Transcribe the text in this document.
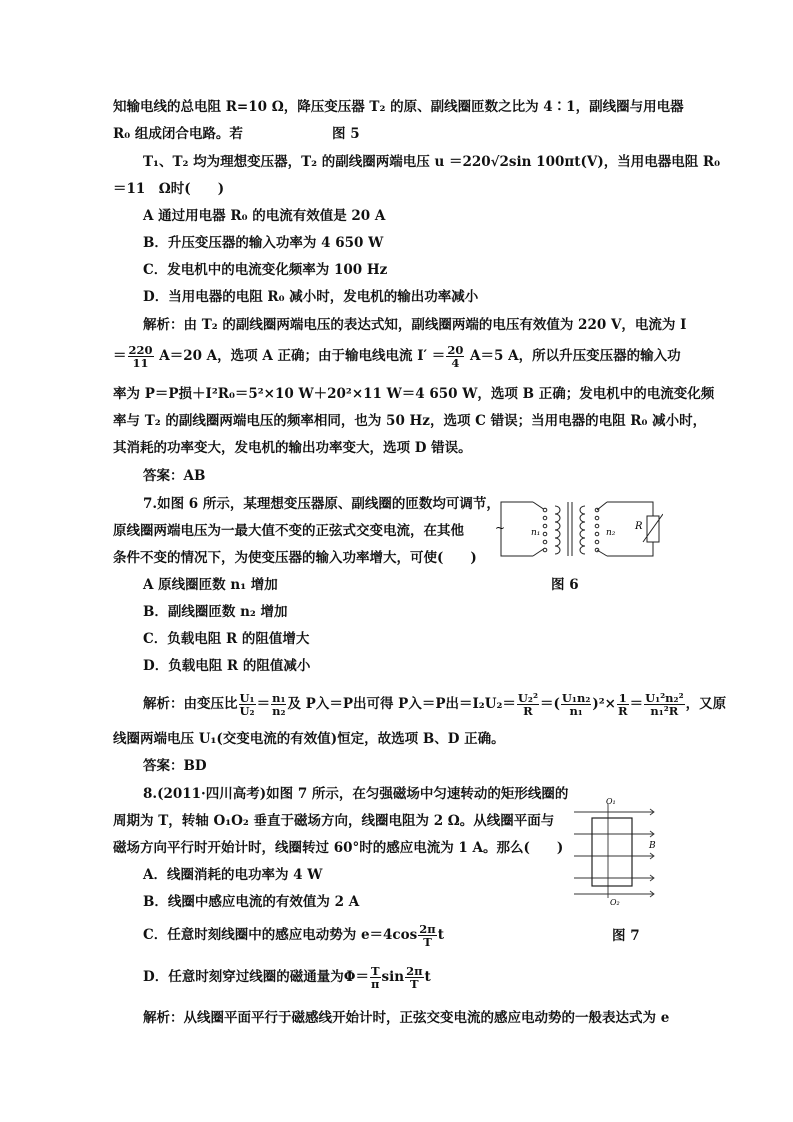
知输电线的总电阻 R=10 Ω，降压变压器 T₂ 的原、副线圈匝数之比为 4∶1，副线圈与用电器
R₀ 组成闭合电路。若	图 5
T₁、T₂ 均为理想变压器，T₂ 的副线圈两端电压 u ＝220√2sin 100πt(V)，当用电器电阻 R₀
＝11　Ω时(　　)
A 通过用电器 R₀ 的电流有效值是 20 A
B．升压变压器的输入功率为 4 650 W
C．发电机中的电流变化频率为 100 Hz
D．当用电器的电阻 R₀ 减小时，发电机的输出功率减小
解析：由 T₂ 的副线圈两端电压的表达式知，副线圈两端的电压有效值为 220 V，电流为 I
＝ $\frac{220}{11} A=20$ A，选项 A 正确；由于输电线电流 $I' = \frac{20}{4} A=5$ A，所以升压变压器的输入功
率为 P＝P损＋I²R₀＝5²×10 W＋20²×11 W＝4 650 W，选项 B 正确；发电机中的电流变化频
率与 T₂ 的副线圈两端电压的频率相同，也为 50 Hz，选项 C 错误；当用电器的电阻 R₀ 减小时，
其消耗的功率变大，发电机的输出功率变大，选项 D 错误。
答案：AB
7.如图 6 所示，某理想变压器原、副线圈的匝数均可调节，
原线圈两端电压为一最大值不变的正弦式交变电流，在其他
条件不变的情况下，为使变压器的输入功率增大，可使(　　)
A 原线圈匝数 n₁ 增加	图 6
B．副线圈匝数 n₂ 增加
C．负载电阻 R 的阻值增大
D．负载电阻 R 的阻值减小
~	n₁	n₂
R
解析：由变压比 $\frac{\text{U₁}}{\text{U₂}} = \frac{\text{n₁}}{\text{n₂}}$ 及 P入＝P出可得 P入＝P出$=I_2U_2= \frac{\text{U₂²}}{R}$ ＝( $\frac{\text{U₁n₂}}{\text{n₁}} )^2\times \frac{1}{R} = \frac{\text{U₁²n₂²}}{\text{n₁²R}}$ ，又原
线圈两端电压 U₁(交变电流的有效值)恒定，故选项 B、D 正确。
答案：BD
8.(2011·四川高考)如图 7 所示，在匀强磁场中匀速转动的矩形线圈的
周期为 T，转轴 O₁O₂ 垂直于磁场方向，线圈电阻为 2 Ω。从线圈平面与
磁场方向平行时开始计时，线圈转过 60°时的感应电流为 1 A。那么(　　)
A．线圈消耗的电功率为 4 W
B．线圈中感应电流的有效值为 2 A
C．任意时刻线圈中的感应电动势为 $e=4\cos \frac{2\pi}{T}$ t	图 7
D．任意时刻穿过线圈的磁通量为$\Phi= \frac{T}{\pi}$ $\sin \frac{2\pi}{T}$ t
解析：从线圈平面平行于磁感线开始计时，正弦交变电流的感应电动势的一般表达式为 e
O₁
O₂
B
